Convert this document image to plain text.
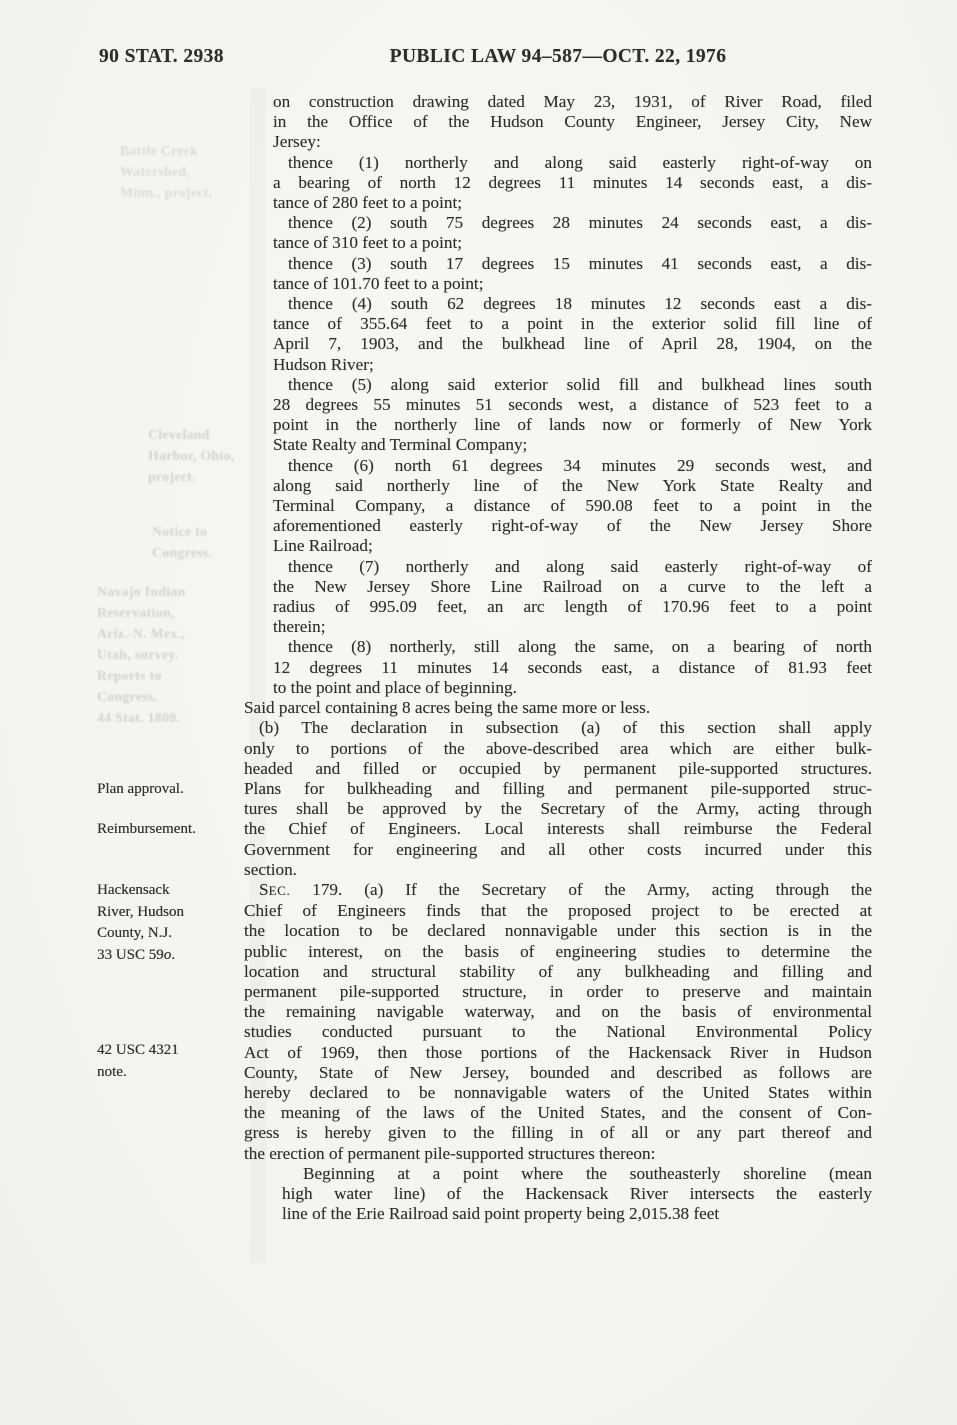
Battle Creek
Watershed,
Minn., project.
Cleveland
Harbor, Ohio,
project.
Notice to
Congress.
Navajo Indian
Reservation,
Ariz.-N. Mex.,
Utah, survey.
Reports to
Congress.
44 Stat. 1800.
90 STAT. 2938	PUBLIC LAW 94–587—OCT. 22, 1976
Plan approval.
Reimbursement.
Hackensack
River, Hudson
County, N.J.
33 USC 59o.
42 USC 4321
note.
on construction drawing dated May 23, 1931, of River Road, filed
in the Office of the Hudson County Engineer, Jersey City, New
Jersey:
thence (1) northerly and along said easterly right-of-way on
a bearing of north 12 degrees 11 minutes 14 seconds east, a dis-
tance of 280 feet to a point;
thence (2) south 75 degrees 28 minutes 24 seconds east, a dis-
tance of 310 feet to a point;
thence (3) south 17 degrees 15 minutes 41 seconds east, a dis-
tance of 101.70 feet to a point;
thence (4) south 62 degrees 18 minutes 12 seconds east a dis-
tance of 355.64 feet to a point in the exterior solid fill line of
April 7, 1903, and the bulkhead line of April 28, 1904, on the
Hudson River;
thence (5) along said exterior solid fill and bulkhead lines south
28 degrees 55 minutes 51 seconds west, a distance of 523 feet to a
point in the northerly line of lands now or formerly of New York
State Realty and Terminal Company;
thence (6) north 61 degrees 34 minutes 29 seconds west, and
along said northerly line of the New York State Realty and
Terminal Company, a distance of 590.08 feet to a point in the
aforementioned easterly right-of-way of the New Jersey Shore
Line Railroad;
thence (7) northerly and along said easterly right-of-way of
the New Jersey Shore Line Railroad on a curve to the left a
radius of 995.09 feet, an arc length of 170.96 feet to a point
therein;
thence (8) northerly, still along the same, on a bearing of north
12 degrees 11 minutes 14 seconds east, a distance of 81.93 feet
to the point and place of beginning.
Said parcel containing 8 acres being the same more or less.
(b) The declaration in subsection (a) of this section shall apply
only to portions of the above-described area which are either bulk-
headed and filled or occupied by permanent pile-supported structures.
Plans for bulkheading and filling and permanent pile-supported struc-
tures shall be approved by the Secretary of the Army, acting through
the Chief of Engineers. Local interests shall reimburse the Federal
Government for engineering and all other costs incurred under this
section.
SEC. 179. (a) If the Secretary of the Army, acting through the
Chief of Engineers finds that the proposed project to be erected at
the location to be declared nonnavigable under this section is in the
public interest, on the basis of engineering studies to determine the
location and structural stability of any bulkheading and filling and
permanent pile-supported structure, in order to preserve and maintain
the remaining navigable waterway, and on the basis of environmental
studies conducted pursuant to the National Environmental Policy
Act of 1969, then those portions of the Hackensack River in Hudson
County, State of New Jersey, bounded and described as follows are
hereby declared to be nonnavigable waters of the United States within
the meaning of the laws of the United States, and the consent of Con-
gress is hereby given to the filling in of all or any part thereof and
the erection of permanent pile-supported structures thereon:
Beginning at a point where the southeasterly shoreline (mean
high water line) of the Hackensack River intersects the easterly
line of the Erie Railroad said point property being 2,015.38 feet
